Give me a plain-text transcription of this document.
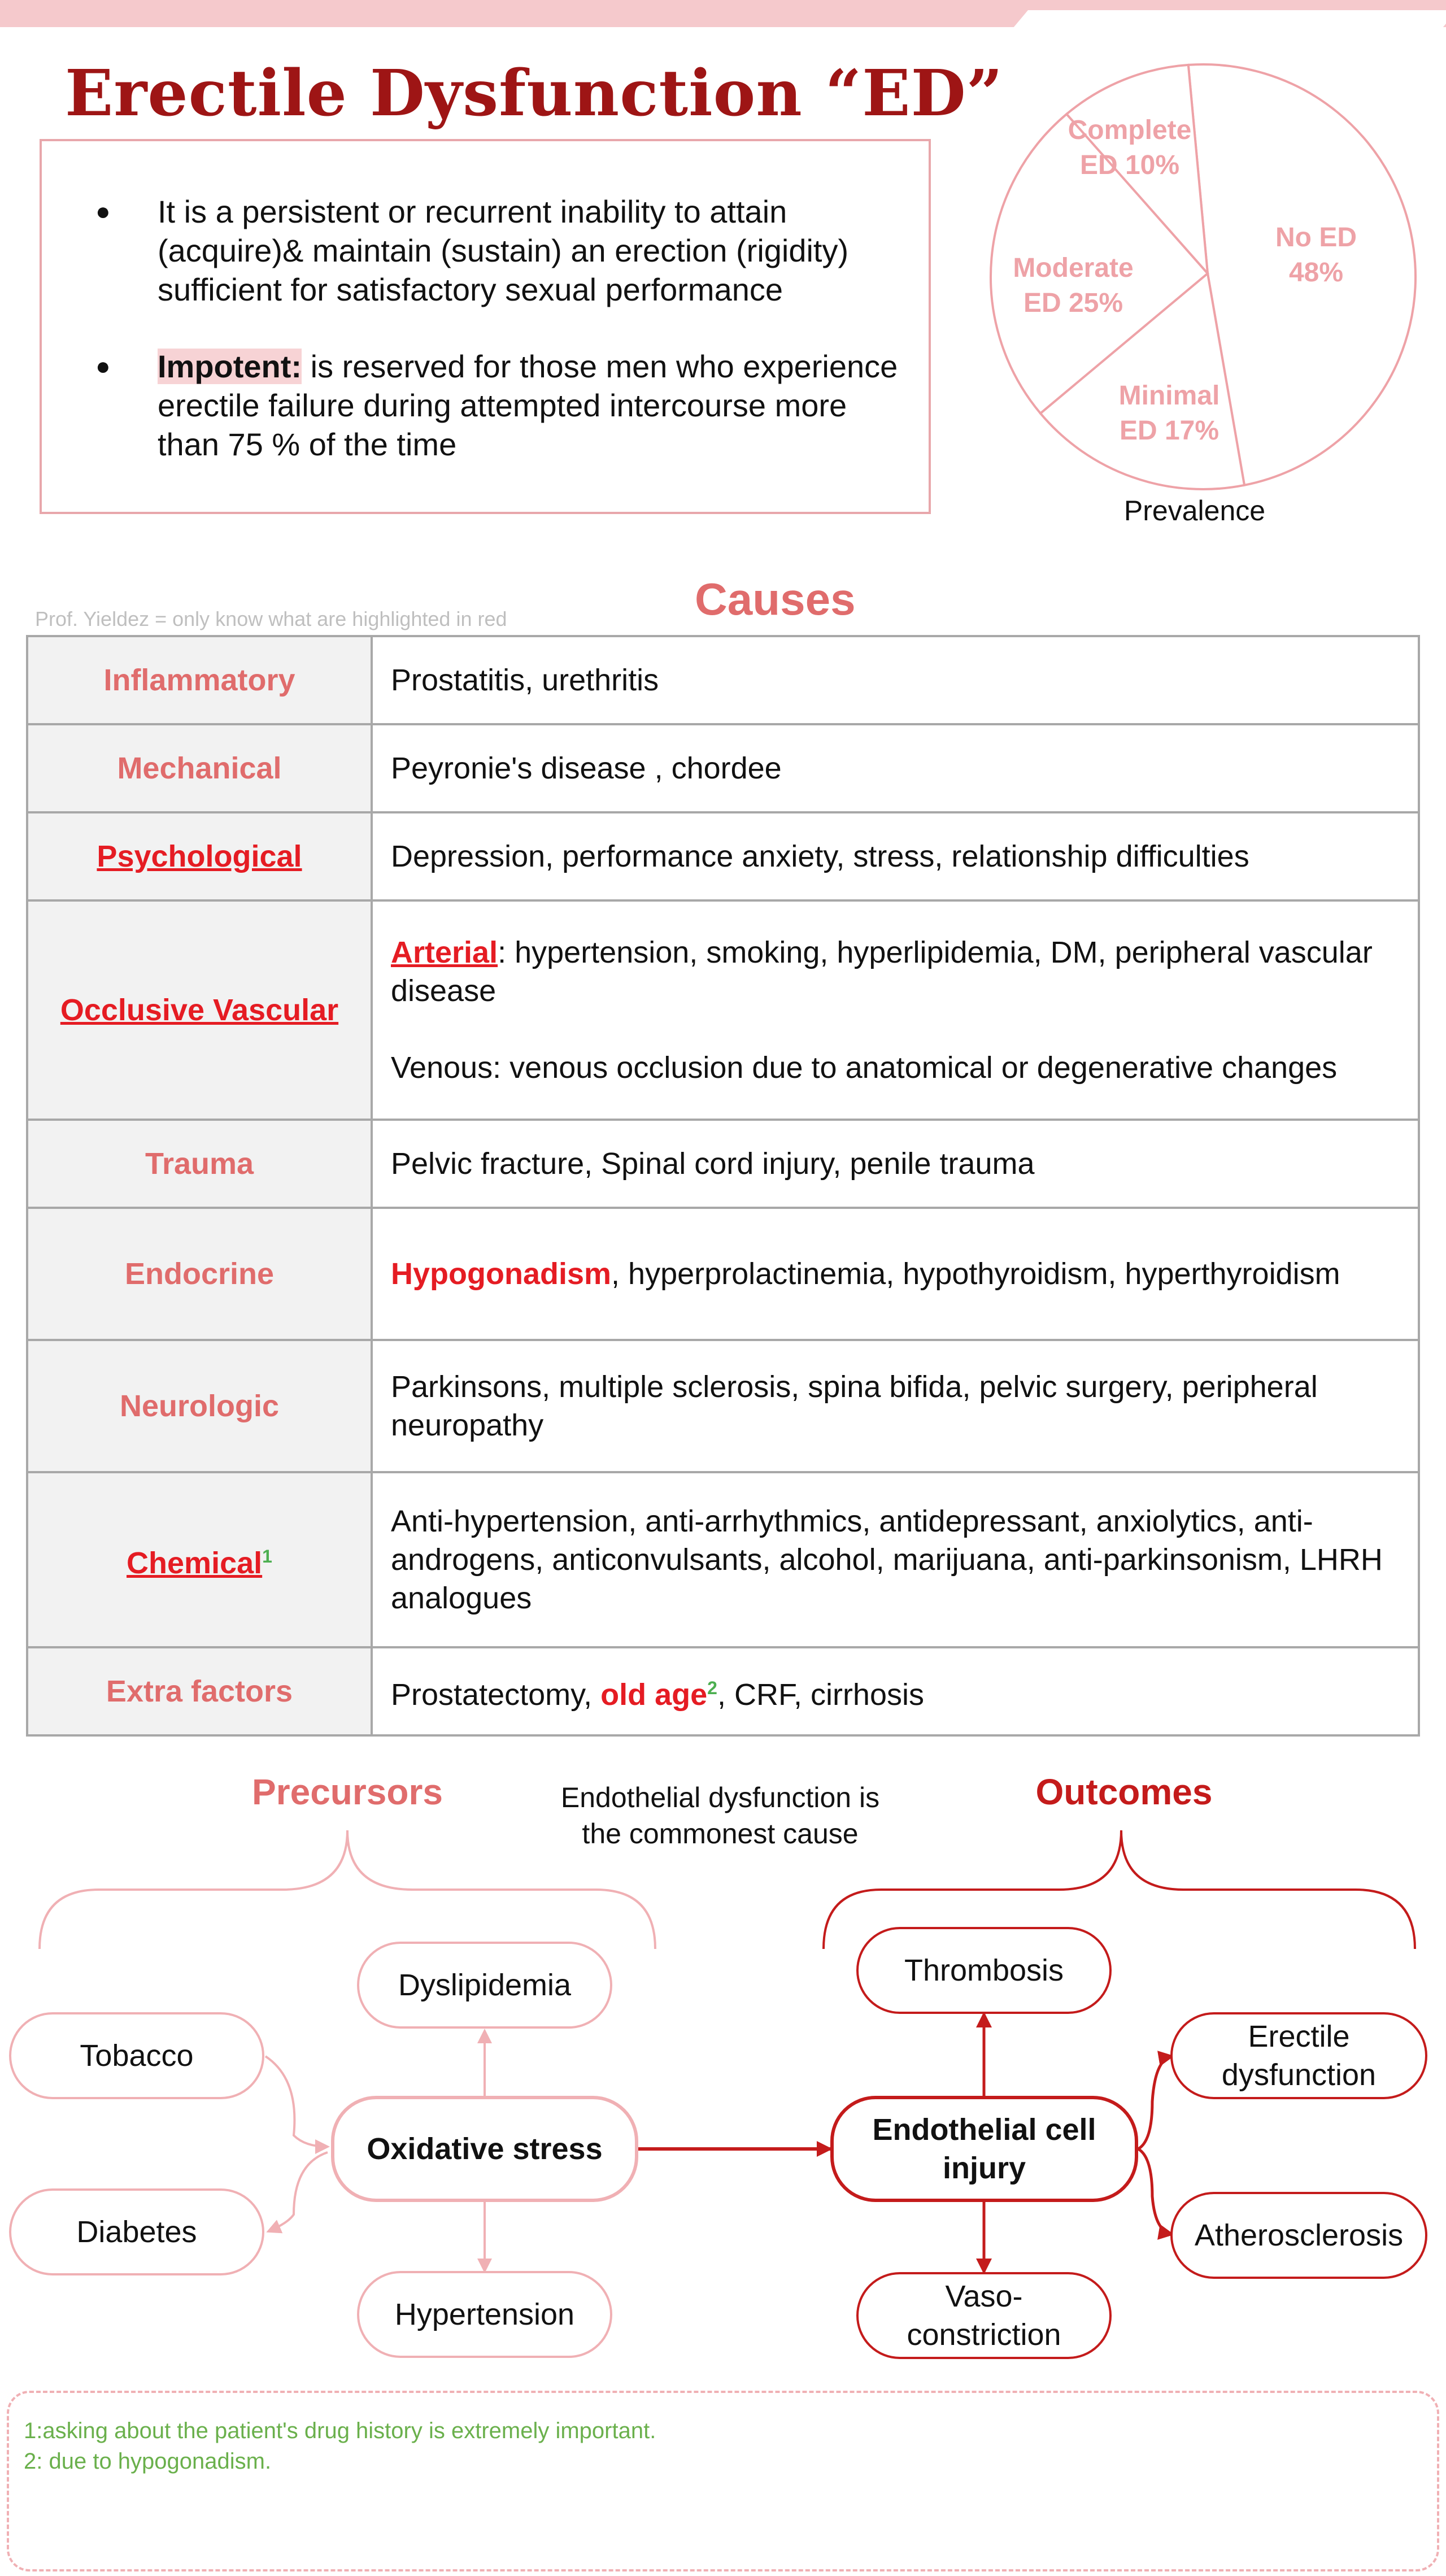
Erectile Dysfunction “ED”
● It is a persistent or recurrent inability to attain (acquire)& maintain (sustain) an erection (rigidity) sufficient for satisfactory sexual performance
● Impotent: is reserved for those men who experience erectile failure during attempted intercourse more than 75 % of the time
No ED
48%
Minimal
ED 17%
Moderate
ED 25%
Complete
ED 10%
Prevalence
Prof. Yieldez = only know what are highlighted in red	Causes
Inflammatory	Prostatitis, urethritis
Mechanical	Peyronie's disease , chordee
Psychological	Depression, performance anxiety, stress, relationship difficulties
Occlusive Vascular	Arterial: hypertension, smoking, hyperlipidemia, DM, peripheral vascular disease
Venous: venous occlusion due to anatomical or degenerative changes

Trauma	Pelvic fracture, Spinal cord injury, penile trauma
Endocrine	Hypogonadism, hyperprolactinemia, hypothyroidism, hyperthyroidism
Neurologic	Parkinsons, multiple sclerosis, spina bifida, pelvic surgery, peripheral neuropathy
Chemical$^1$	Anti-hypertension, anti-arrhythmics, antidepressant, anxiolytics, anti-androgens, anticonvulsants, alcohol, marijuana, anti-parkinsonism, LHRH analogues
Extra factors	Prostatectomy, old age$^2$, CRF, cirrhosis
Precursors	Outcomes
Endothelial dysfunction is the commonest cause
Tobacco
Diabetes
Dyslipidemia
Hypertension
Oxidative stress
Endothelial cell injury
Thrombosis
Vaso-constriction
Erectile dysfunction
Atherosclerosis
1:asking about the patient's drug history is extremely important.
2: due to hypogonadism.
